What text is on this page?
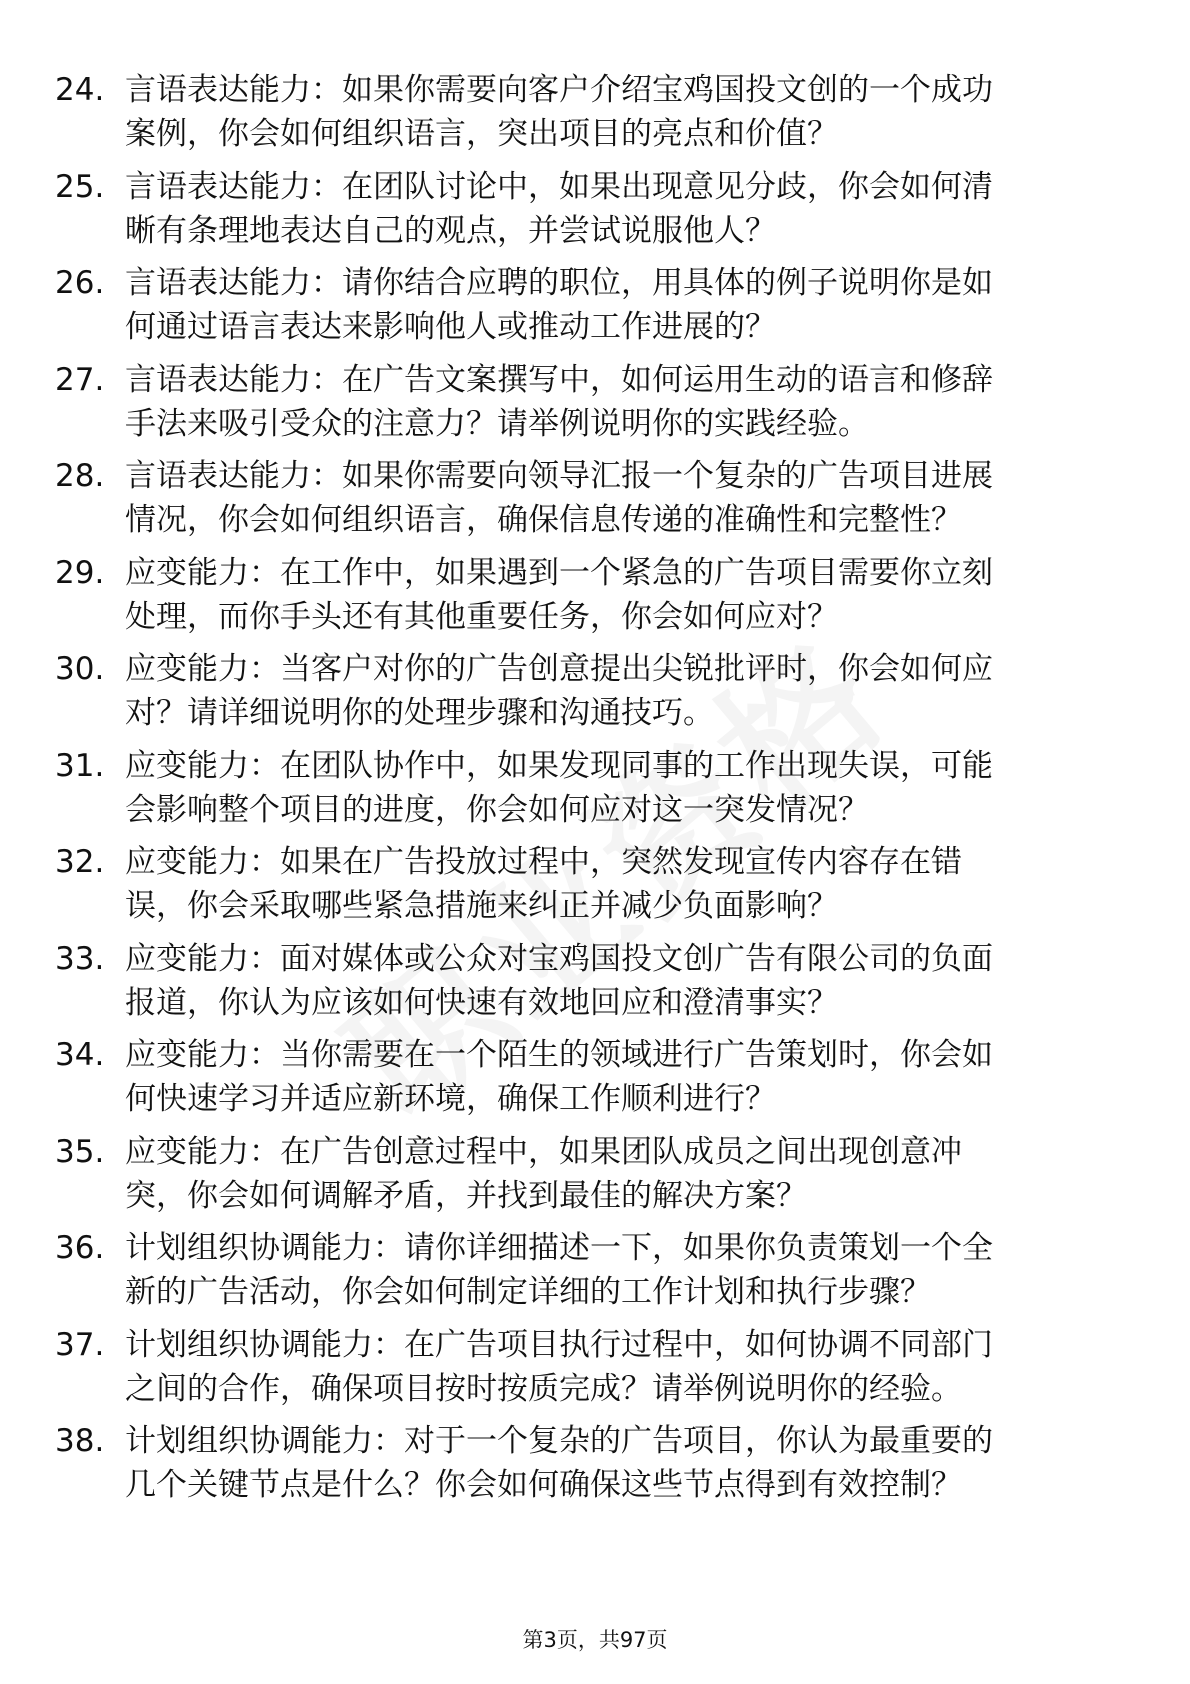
24. 言语表达能力：如果你需要向客户介绍宝鸡国投文创的一个成功
案例，你会如何组织语言，突出项目的亮点和价值？

25. 言语表达能力：在团队讨论中，如果出现意见分歧，你会如何清
晰有条理地表达自己的观点，并尝试说服他人？

26. 言语表达能力：请你结合应聘的职位，用具体的例子说明你是如
何通过语言表达来影响他人或推动工作进展的？

27. 言语表达能力：在广告文案撰写中，如何运用生动的语言和修辞
手法来吸引受众的注意力？请举例说明你的实践经验。

28. 言语表达能力：如果你需要向领导汇报一个复杂的广告项目进展
情况，你会如何组织语言，确保信息传递的准确性和完整性？

29. 应变能力：在工作中，如果遇到一个紧急的广告项目需要你立刻
处理，而你手头还有其他重要任务，你会如何应对？

30. 应变能力：当客户对你的广告创意提出尖锐批评时，你会如何应
对？请详细说明你的处理步骤和沟通技巧。

31. 应变能力：在团队协作中，如果发现同事的工作出现失误，可能
会影响整个项目的进度，你会如何应对这一突发情况？

32. 应变能力：如果在广告投放过程中，突然发现宣传内容存在错
误，你会采取哪些紧急措施来纠正并减少负面影响？

33. 应变能力：面对媒体或公众对宝鸡国投文创广告有限公司的负面
报道，你认为应该如何快速有效地回应和澄清事实？

34. 应变能力：当你需要在一个陌生的领域进行广告策划时，你会如
何快速学习并适应新环境，确保工作顺利进行？

35. 应变能力：在广告创意过程中，如果团队成员之间出现创意冲
突，你会如何调解矛盾，并找到最佳的解决方案？

36. 计划组织协调能力：请你详细描述一下，如果你负责策划一个全
新的广告活动，你会如何制定详细的工作计划和执行步骤？

37. 计划组织协调能力：在广告项目执行过程中，如何协调不同部门
之间的合作，确保项目按时按质完成？请举例说明你的经验。

38. 计划组织协调能力：对于一个复杂的广告项目，你认为最重要的
几个关键节点是什么？你会如何确保这些节点得到有效控制？

第3页，共97页
